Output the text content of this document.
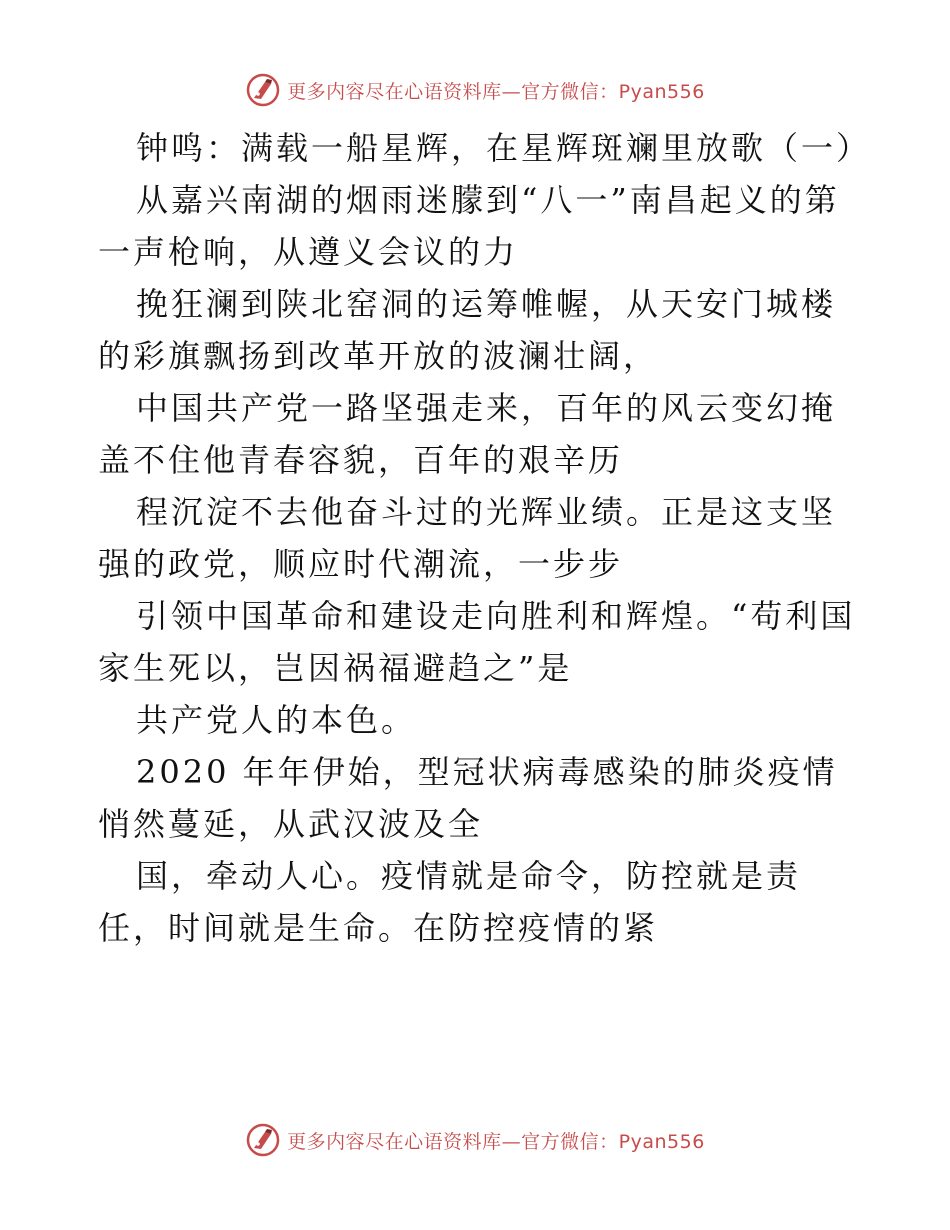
更多内容尽在心语资料库—官方微信：Pyan556

钟鸣：满载一船星辉，在星辉斑斓里放歌（一）

从嘉兴南湖的烟雨迷朦到“八一”南昌起义的第一声枪响，从遵义会议的力

挽狂澜到陕北窑洞的运筹帷幄，从天安门城楼的彩旗飘扬到改革开放的波澜壮阔，

中国共产党一路坚强走来，百年的风云变幻掩盖不住他青春容貌，百年的艰辛历

程沉淀不去他奋斗过的光辉业绩。正是这支坚强的政党，顺应时代潮流，一步步

引领中国革命和建设走向胜利和辉煌。“苟利国家生死以，岂因祸福避趋之”是

共产党人的本色。

2020 年年伊始，型冠状病毒感染的肺炎疫情悄然蔓延，从武汉波及全

国，牵动人心。疫情就是命令，防控就是责任，时间就是生命。在防控疫情的紧

更多内容尽在心语资料库—官方微信：Pyan556
